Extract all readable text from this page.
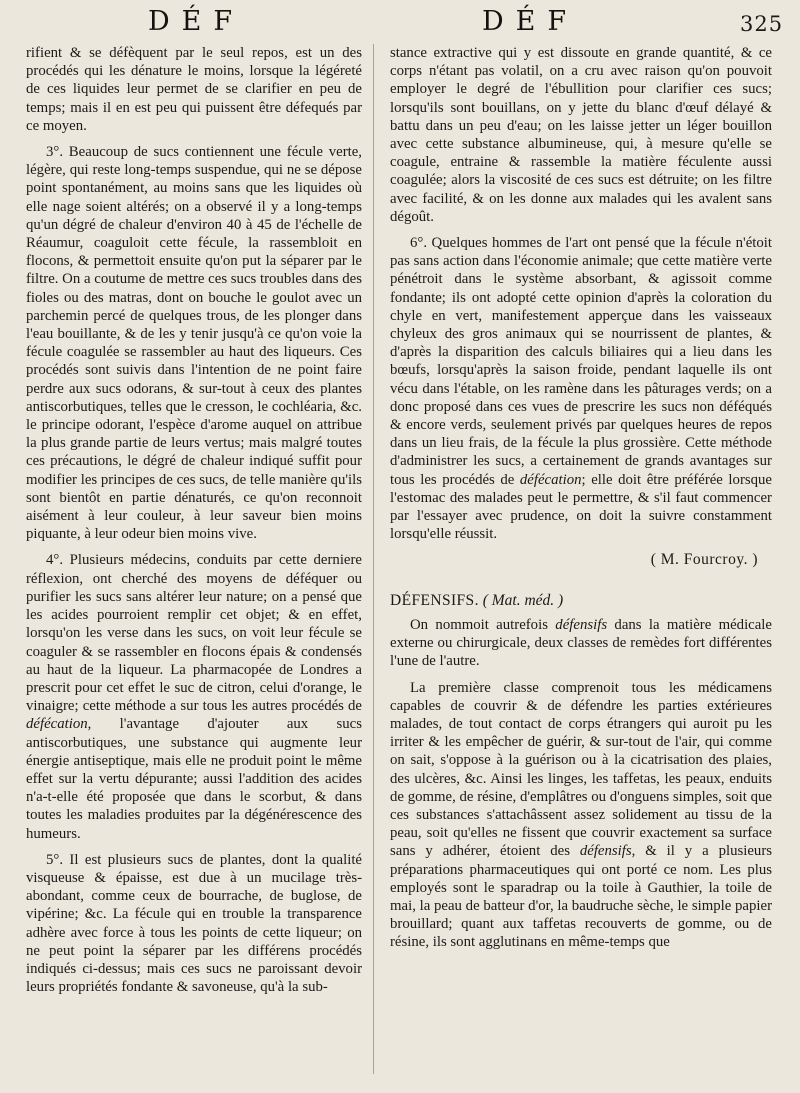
DÉF	DÉF	325

rifient & se défèquent par le seul repos, est un des procédés qui les dénature le moins, lorsque la légéreté de ces liquides leur permet de se clarifier en peu de temps; mais il en est peu qui puissent être défequés par ce moyen.

3°. Beaucoup de sucs contiennent une fécule verte, légère, qui reste long-temps suspendue, qui ne se dépose point spontanément, au moins sans que les liquides où elle nage soient altérés; on a observé il y a long-temps qu'un dégré de chaleur d'environ 40 à 45 de l'échelle de Réaumur, coaguloit cette fécule, la rassembloit en flocons, & permettoit ensuite qu'on put la séparer par le filtre. On a coutume de mettre ces sucs troubles dans des fioles ou des matras, dont on bouche le goulot avec un parchemin percé de quelques trous, de les plonger dans l'eau bouillante, & de les y tenir jusqu'à ce qu'on voie la fécule coagulée se rassembler au haut des liqueurs. Ces procédés sont suivis dans l'intention de ne point faire perdre aux sucs odorans, & sur-tout à ceux des plantes antiscorbutiques, telles que le cresson, le cochléaria, &c. le principe odorant, l'espèce d'arome auquel on attribue la plus grande partie de leurs vertus; mais malgré toutes ces précautions, le dégré de chaleur indiqué suffit pour modifier les principes de ces sucs, de telle manière qu'ils sont bientôt en partie dénaturés, ce qu'on reconnoit aisément à leur couleur, à leur saveur bien moins piquante, à leur odeur bien moins vive.

4°. Plusieurs médecins, conduits par cette derniere réflexion, ont cherché des moyens de déféquer ou purifier les sucs sans altérer leur nature; on a pensé que les acides pourroient remplir cet objet; & en effet, lorsqu'on les verse dans les sucs, on voit leur fécule se coaguler & se rassembler en flocons épais & condensés au haut de la liqueur. La pharmacopée de Londres a prescrit pour cet effet le suc de citron, celui d'orange, le vinaigre; cette méthode a sur tous les autres procédés de défécation, l'avantage d'ajouter aux sucs antiscorbutiques, une substance qui augmente leur énergie antiseptique, mais elle ne produit point le même effet sur la vertu dépurante; aussi l'addition des acides n'a-t-elle été proposée que dans le scorbut, & dans toutes les maladies produites par la dégénérescence des humeurs.

5°. Il est plusieurs sucs de plantes, dont la qualité visqueuse & épaisse, est due à un mucilage très-abondant, comme ceux de bourrache, de buglose, de vipérine; &c. La fécule qui en trouble la transparence adhère avec force à tous les points de cette liqueur; on ne peut point la séparer par les différens procédés indiqués ci-dessus; mais ces sucs ne paroissant devoir leurs propriétés fondante & savoneuse, qu'à la sub-

stance extractive qui y est dissoute en grande quantité, & ce corps n'étant pas volatil, on a cru avec raison qu'on pouvoit employer le degré de l'ébullition pour clarifier ces sucs; lorsqu'ils sont bouillans, on y jette du blanc d'œuf délayé & battu dans un peu d'eau; on les laisse jetter un léger bouillon avec cette substance albumineuse, qui, à mesure qu'elle se coagule, entraine & rassemble la matière féculente aussi coagulée; alors la viscosité de ces sucs est détruite; on les filtre avec facilité, & on les donne aux malades qui les avalent sans dégoût.

6°. Quelques hommes de l'art ont pensé que la fécule n'étoit pas sans action dans l'économie animale; que cette matière verte pénétroit dans le système absorbant, & agissoit comme fondante; ils ont adopté cette opinion d'après la coloration du chyle en vert, manifestement apperçue dans les vaisseaux chyleux des gros animaux qui se nourrissent de plantes, & d'après la disparition des calculs biliaires qui a lieu dans les bœufs, lorsqu'après la saison froide, pendant laquelle ils ont vécu dans l'étable, on les ramène dans les pâturages verds; on a donc proposé dans ces vues de prescrire les sucs non déféqués & encore verds, seulement privés par quelques heures de repos dans un lieu frais, de la fécule la plus grossière. Cette méthode d'administrer les sucs, a certainement de grands avantages sur tous les procédés de défécation; elle doit être préférée lorsque l'estomac des malades peut le permettre, & s'il faut commencer par l'essayer avec prudence, on doit la suivre constamment lorsqu'elle réussit.

( M. Fourcroy. )
DÉFENSIFS. ( Mat. méd. )

On nommoit autrefois défensifs dans la matière médicale externe ou chirurgicale, deux classes de remèdes fort différentes l'une de l'autre.

La première classe comprenoit tous les médicamens capables de couvrir & de défendre les parties extérieures malades, de tout contact de corps étrangers qui auroit pu les irriter & les empêcher de guérir, & sur-tout de l'air, qui comme on sait, s'oppose à la guérison ou à la cicatrisation des plaies, des ulcères, &c. Ainsi les linges, les taffetas, les peaux, enduits de gomme, de résine, d'emplâtres ou d'onguens simples, soit que ces substances s'attachâssent assez solidement au tissu de la peau, soit qu'elles ne fissent que couvrir exactement sa surface sans y adhérer, étoient des défensifs, & il y a plusieurs préparations pharmaceutiques qui ont porté ce nom. Les plus employés sont le sparadrap ou la toile à Gauthier, la toile de mai, la peau de batteur d'or, la baudruche sèche, le simple papier brouillard; quant aux taffetas recouverts de gomme, ou de résine, ils sont agglutinans en même-temps que
